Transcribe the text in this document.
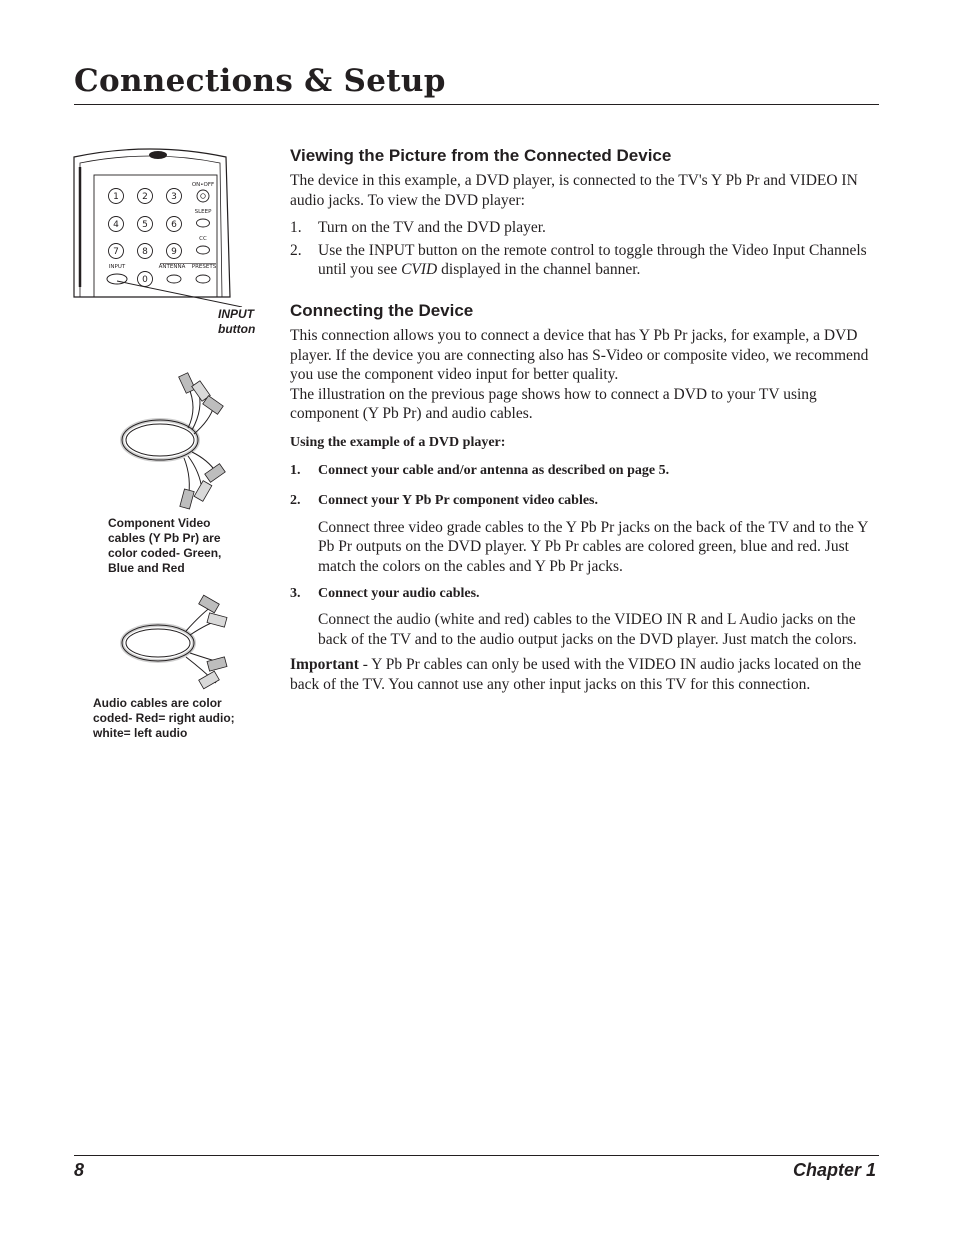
Connections & Setup
1	2	3
4	5	6
7	8	9
0
ON•OFF
SLEEP
CC
INPUT	ANTENNA PRESETS
INPUT
button
Component Video cables (Y Pb Pr) are color coded- Green, Blue and Red
Audio cables are color coded- Red= right audio; white= left audio
Viewing the Picture from the Connected Device

The device in this example, a DVD player, is connected to the TV's Y Pb Pr and VIDEO IN audio jacks. To view the DVD player:

1. Turn on the TV and the DVD player.
2. Use the INPUT button on the remote control to toggle through the Video Input Channels until you see CVID displayed in the channel banner.
Connecting the Device

This connection allows you to connect a device that has Y Pb Pr jacks, for example, a DVD player. If the device you are connecting also has S-Video or composite video, we recommend you use the component video input for better quality.

The illustration on the previous page shows how to connect a DVD to your TV using component (Y Pb Pr) and audio cables.

Using the example of a DVD player:

1. Connect your cable and/or antenna as described on page 5.
2. Connect your Y Pb Pr component video cables.

Connect three video grade cables to the Y Pb Pr jacks on the back of the TV and to the Y Pb Pr outputs on the DVD player. Y Pb Pr cables are colored green, blue and red. Just match the colors on the cables and Y Pb Pr jacks.

3. Connect your audio cables.

Connect the audio (white and red) cables to the VIDEO IN R and L Audio jacks on the back of the TV and to the audio output jacks on the DVD player. Just match the colors.

Important - Y Pb Pr cables can only be used with the VIDEO IN audio jacks located on the back of the TV. You cannot use any other input jacks on this TV for this connection.

8	Chapter 1
